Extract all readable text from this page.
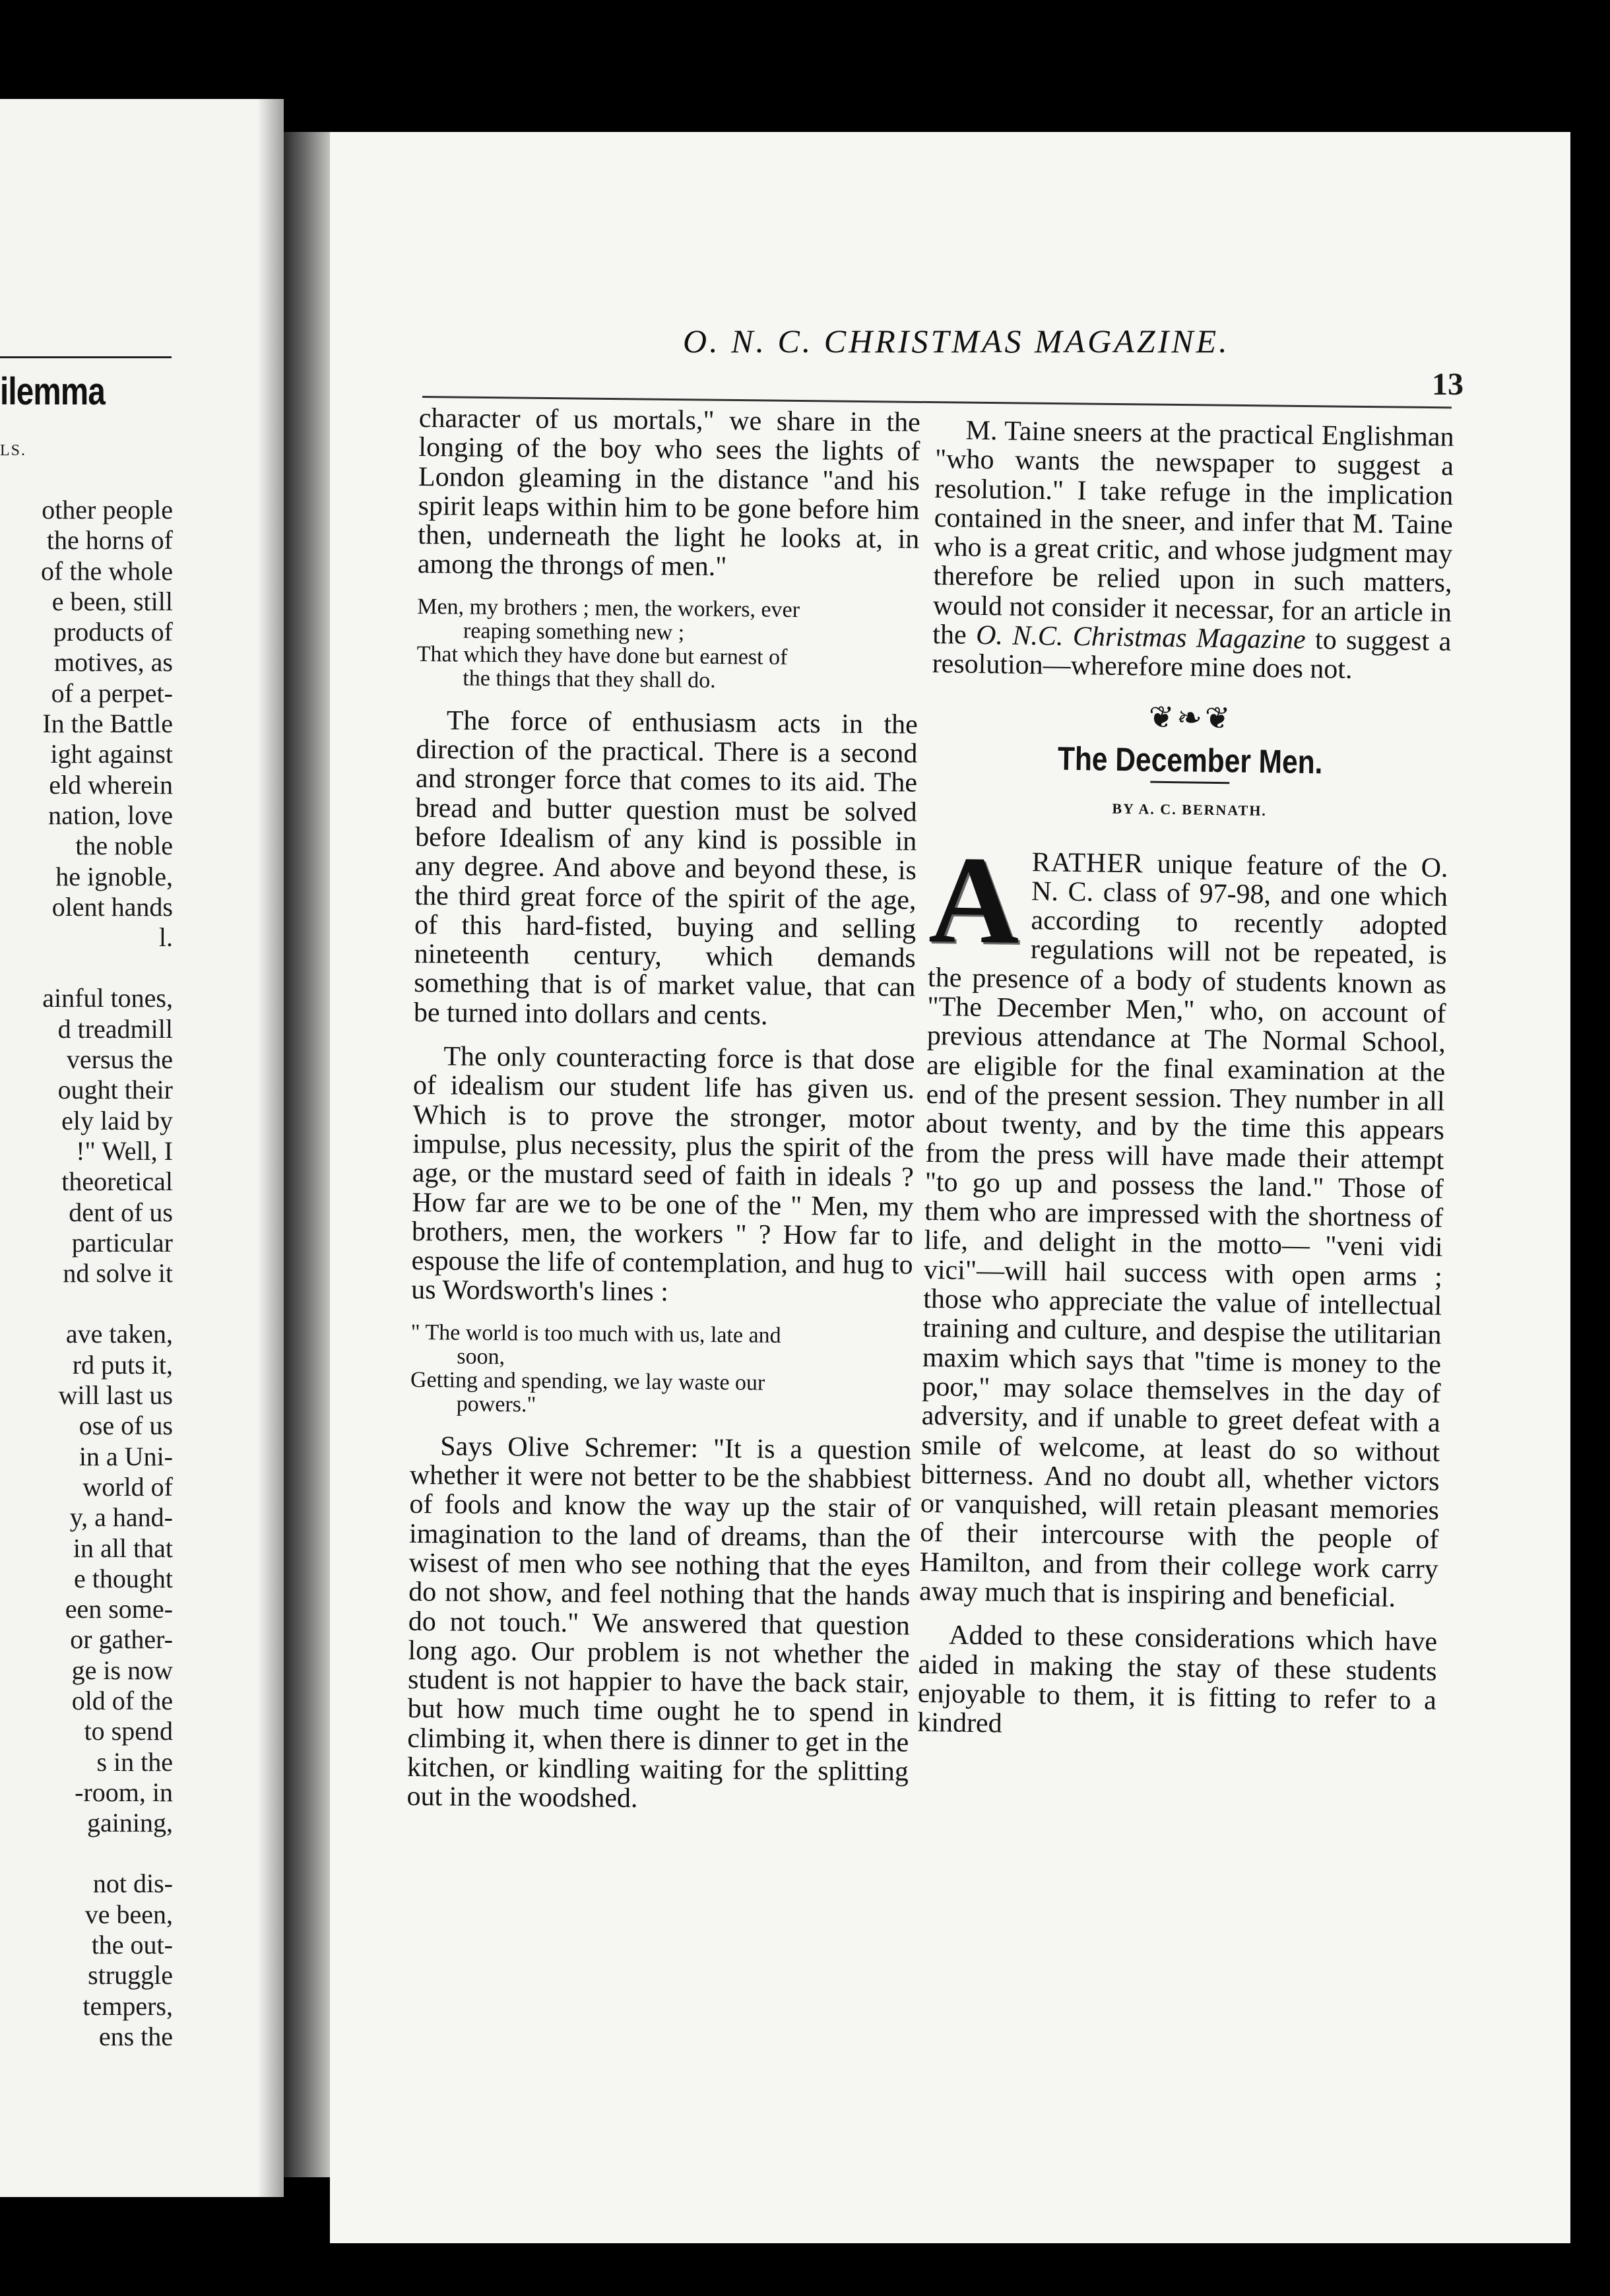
ilemma
LS.
other people
the horns of
of the whole
e been, still
products of
motives, as
of a perpet-
In the Battle
ight against
eld wherein
nation, love
the noble
he ignoble,
olent hands
l.
ainful tones,
d treadmill
versus the
ought their
ely laid by
!" Well, I
theoretical
dent of us
particular
nd solve it
ave taken,
rd puts it,
will last us
ose of us
in a Uni-
world of
y, a hand-
in all that
e thought
een some-
or gather-
ge is now
old of the
to spend
s in the
-room, in
gaining,
not dis-
ve been,
the out-
struggle
tempers,
ens the
O. N. C. CHRISTMAS MAGAZINE.
13

character of us mortals," we share in the longing of the boy who sees the lights of London gleaming in the distance "and his spirit leaps within him to be gone before him then, underneath the light he looks at, in among the throngs of men."

Men, my brothers ; men, the workers, ever
reaping something new ;
That which they have done but earnest of
the things that they shall do.

The force of enthusiasm acts in the direction of the practical. There is a second and stronger force that comes to its aid. The bread and butter question must be solved before Idealism of any kind is possible in any degree. And above and beyond these, is the third great force of the spirit of the age, of this hard-fisted, buying and selling nineteenth century, which demands something that is of market value, that can be turned into dollars and cents.

The only counteracting force is that dose of idealism our student life has given us. Which is to prove the stronger, motor impulse, plus necessity, plus the spirit of the age, or the mustard seed of faith in ideals ? How far are we to be one of the " Men, my brothers, men, the workers " ? How far to espouse the life of contemplation, and hug to us Wordsworth's lines :

" The world is too much with us, late and
soon,
Getting and spending, we lay waste our
powers."

Says Olive Schremer: "It is a question whether it were not better to be the shabbiest of fools and know the way up the stair of imagination to the land of dreams, than the wisest of men who see nothing that the eyes do not show, and feel nothing that the hands do not touch." We answered that question long ago. Our problem is not whether the student is not happier to have the back stair, but how much time ought he to spend in climbing it, when there is dinner to get in the kitchen, or kindling waiting for the splitting out in the woodshed.

M. Taine sneers at the practical Englishman "who wants the newspaper to suggest a resolution." I take refuge in the implication contained in the sneer, and infer that M. Taine who is a great critic, and whose judgment may therefore be relied upon in such matters, would not consider it necessar, for an article in the O. N.C. Christmas Magazine to suggest a resolution—wherefore mine does not.

❦❧❦
The December Men.
BY A. C. BERNATH.

ARATHER unique feature of the O. N. C. class of 97-98, and one which according to recently adopted regulations will not be repeated, is the presence of a body of students known as "The December Men," who, on account of previous attendance at The Normal School, are eligible for the final examination at the end of the present session. They number in all about twenty, and by the time this appears from the press will have made their attempt "to go up and possess the land." Those of them who are impressed with the shortness of life, and delight in the motto— "veni vidi vici"—will hail success with open arms ; those who appreciate the value of intellectual training and culture, and despise the utilitarian maxim which says that "time is money to the poor," may solace themselves in the day of adversity, and if unable to greet defeat with a smile of welcome, at least do so without bitterness. And no doubt all, whether victors or vanquished, will retain pleasant memories of their intercourse with the people of Hamilton, and from their college work carry away much that is inspiring and beneficial.

Added to these considerations which have aided in making the stay of these students enjoyable to them, it is fitting to refer to a kindred
